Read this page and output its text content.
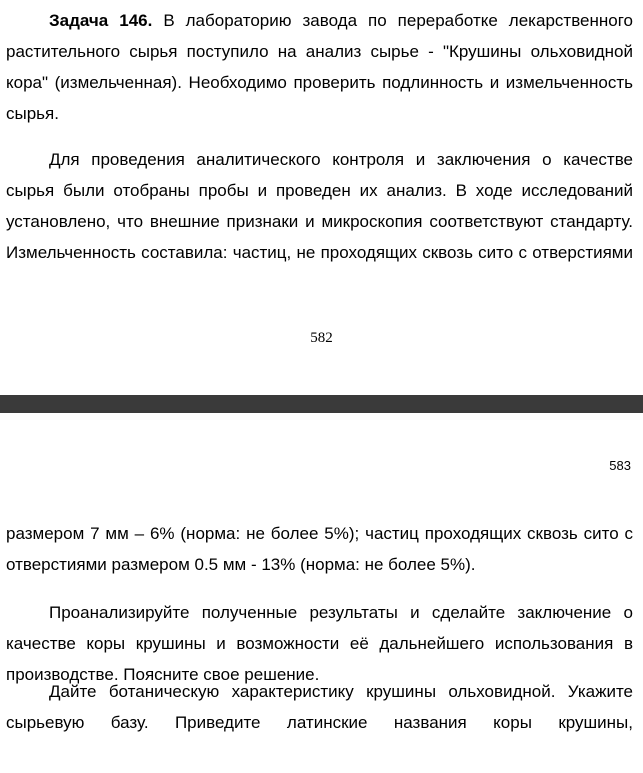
Задача 146. В лабораторию завода по переработке лекарственного
растительного сырья поступило на анализ сырье - "Крушины ольховидной
кора" (измельченная). Необходимо проверить подлинность и измельченность
сырья.
Для проведения аналитического контроля и заключения о качестве
сырья были отобраны пробы и проведен их анализ. В ходе исследований
установлено, что внешние признаки и микроскопия соответствуют стандарту.
Измельченность составила: частиц, не проходящих сквозь сито с отверстиями
582
583
размером 7 мм – 6% (норма: не более 5%); частиц проходящих сквозь сито с
отверстиями размером 0.5 мм - 13% (норма: не более 5%).
Проанализируйте полученные результаты и сделайте заключение о
качестве коры крушины и возможности её дальнейшего использования в
производстве. Поясните свое решение.
Дайте ботаническую характеристику крушины ольховидной. Укажите
сырьевую базу. Приведите латинские названия коры крушины,
